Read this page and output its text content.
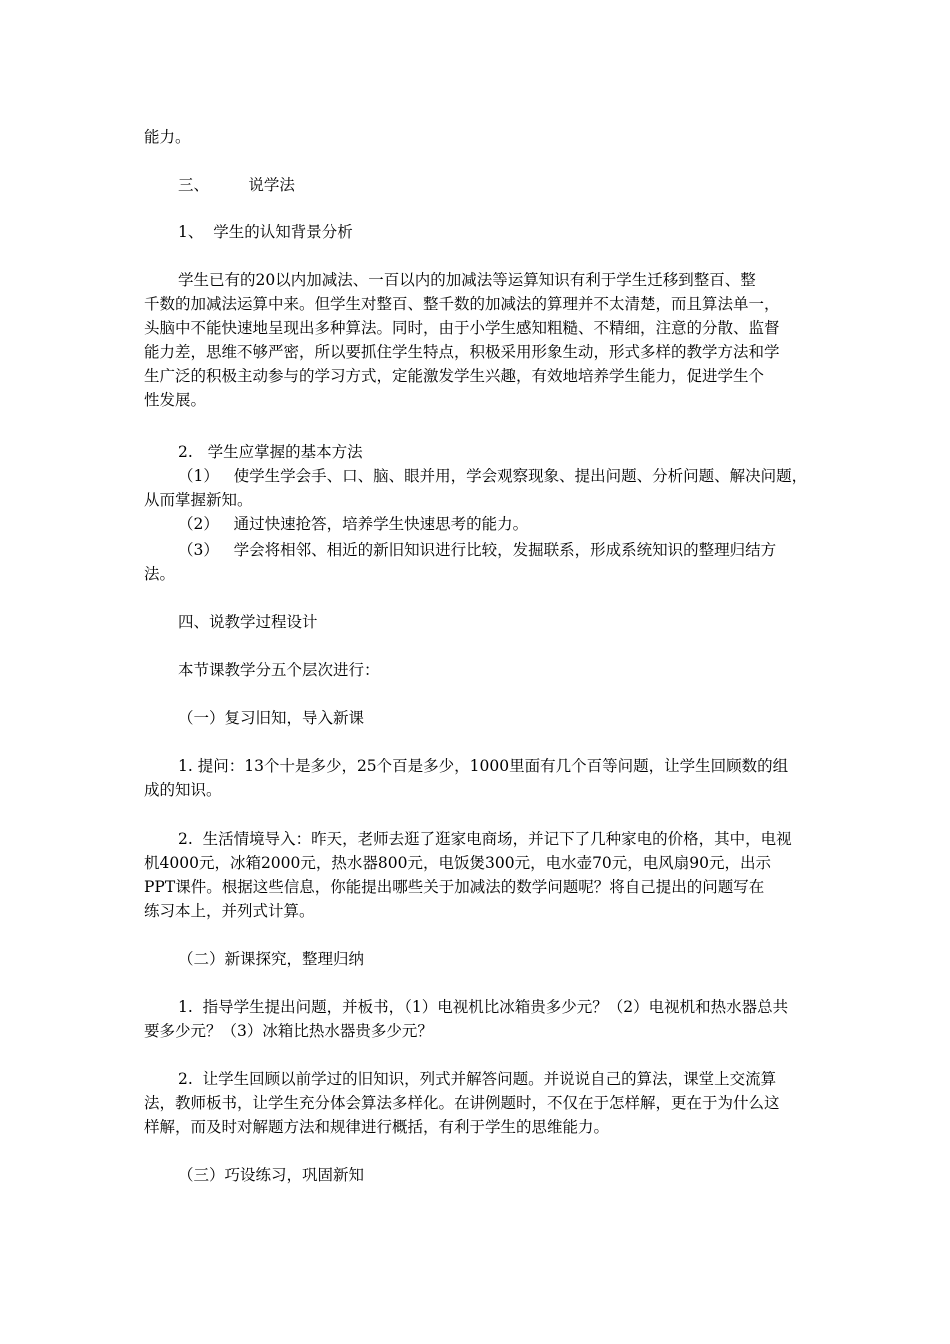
能力。
三、        说学法
1、  学生的认知背景分析
学生已有的20以内加减法、一百以内的加减法等运算知识有利于学生迁移到整百、整
千数的加减法运算中来。但学生对整百、整千数的加减法的算理并不太清楚，而且算法单一，
头脑中不能快速地呈现出多种算法。同时，由于小学生感知粗糙、不精细，注意的分散、监督
能力差，思维不够严密，所以要抓住学生特点，积极采用形象生动，形式多样的教学方法和学
生广泛的积极主动参与的学习方式，定能激发学生兴趣，有效地培养学生能力，促进学生个
性发展。
2.   学生应掌握的基本方法
（1）   使学生学会手、口、脑、眼并用，学会观察现象、提出问题、分析问题、解决问题，
从而掌握新知。
（2）   通过快速抢答，培养学生快速思考的能力。
（3）   学会将相邻、相近的新旧知识进行比较，发掘联系，形成系统知识的整理归结方
法。
四、说教学过程设计
本节课教学分五个层次进行：
（一）复习旧知，导入新课
1. 提问：13个十是多少，25个百是多少，1000里面有几个百等问题，让学生回顾数的组
成的知识。
2.  生活情境导入：昨天，老师去逛了逛家电商场，并记下了几种家电的价格，其中，电视
机4000元，冰箱2000元，热水器800元，电饭煲300元，电水壶70元，电风扇90元，出示
PPT课件。根据这些信息，你能提出哪些关于加减法的数学问题呢？将自己提出的问题写在
练习本上，并列式计算。
（二）新课探究，整理归纳
1.  指导学生提出问题，并板书，（1）电视机比冰箱贵多少元？（2）电视机和热水器总共
要多少元？（3）冰箱比热水器贵多少元？
2.  让学生回顾以前学过的旧知识，列式并解答问题。并说说自己的算法，课堂上交流算
法，教师板书，让学生充分体会算法多样化。在讲例题时，不仅在于怎样解，更在于为什么这
样解，而及时对解题方法和规律进行概括，有利于学生的思维能力。
（三）巧设练习，巩固新知
